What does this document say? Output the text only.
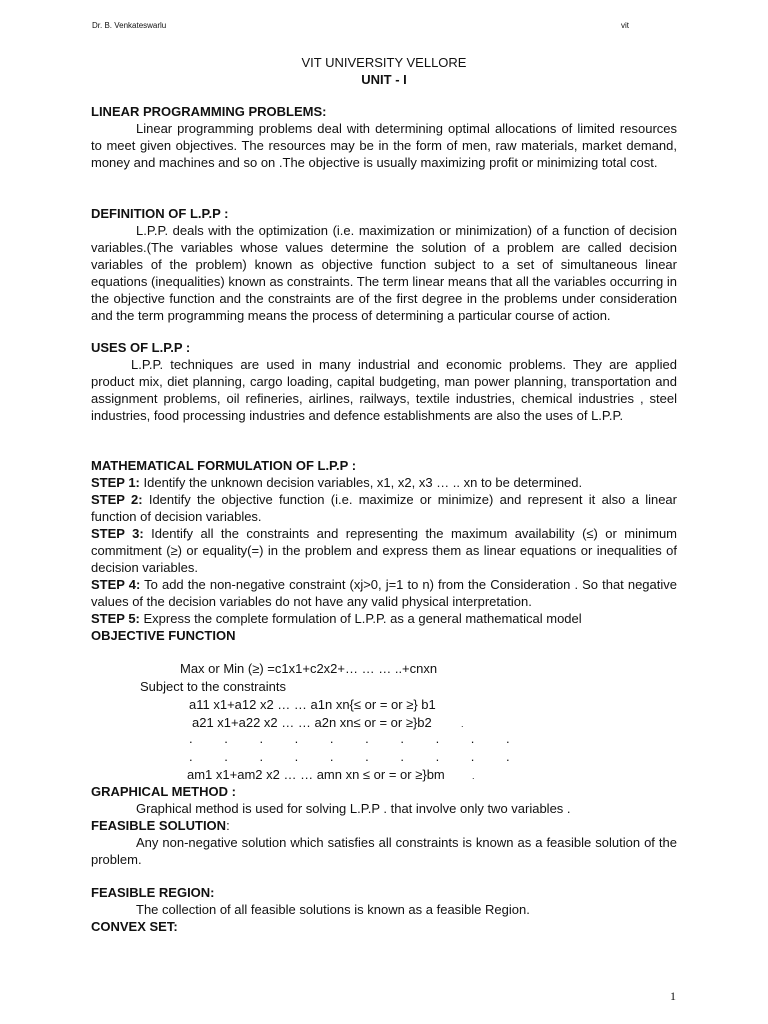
Dr. B. Venkateswarlu	vit
VIT UNIVERSITY VELLORE
UNIT - I
LINEAR PROGRAMMING PROBLEMS:
Linear programming problems deal with determining optimal allocations of limited resources to meet given objectives. The resources may be in the form of men, raw materials, market demand, money and machines and so on .The objective is usually maximizing profit or minimizing total cost.
DEFINITION OF L.P.P :
L.P.P. deals with the optimization (i.e. maximization or minimization) of a function of decision variables.(The variables whose values determine the solution of a problem are called decision variables of the problem) known as objective function subject to a set of simultaneous linear equations (inequalities) known as constraints. The term linear means that all the variables occurring in the objective function and the constraints are of the first degree in the problems under consideration and the term programming means the process of determining a particular course of action.
USES OF L.P.P :
L.P.P. techniques are used in many industrial and economic problems. They are applied product mix, diet planning, cargo loading, capital budgeting, man power planning, transportation and assignment problems, oil refineries, airlines, railways, textile industries, chemical industries , steel industries, food processing industries and defence establishments are also the uses of L.P.P.
MATHEMATICAL FORMULATION OF L.P.P :
STEP 1: Identify the unknown decision variables, x1, x2, x3 … .. xn to be determined.
STEP 2: Identify the objective function (i.e. maximize or minimize) and represent it also a linear function of decision variables.
STEP 3: Identify all the constraints and representing the maximum availability (≤) or minimum commitment (≥) or equality(=) in the problem and express them as linear equations or inequalities of decision variables.
STEP 4: To add the non-negative constraint (xj>0, j=1 to n) from the Consideration . So that negative values of the decision variables do not have any valid physical interpretation.
STEP 5: Express the complete formulation of L.P.P. as a general mathematical model
OBJECTIVE FUNCTION
Max or Min (≥) =c1x1+c2x2+… … … ..+cnxn
Subject to the constraints
a11 x1+a12 x2 … … a1n xn{≤ or = or ≥} b1
a21 x1+a22 x2 … … a2n xn≤ or = or ≥}b2	.
. . . . . . . . . .
. . . . . . . . . .
am1 x1+am2 x2 … … amn xn ≤ or = or ≥}bm	.
GRAPHICAL METHOD :
Graphical method is used for solving L.P.P . that involve only two variables .
FEASIBLE SOLUTION:
Any non-negative solution which satisfies all constraints is known as a feasible solution of the problem.
FEASIBLE REGION:
The collection of all feasible solutions is known as a feasible Region.
CONVEX SET:
1
